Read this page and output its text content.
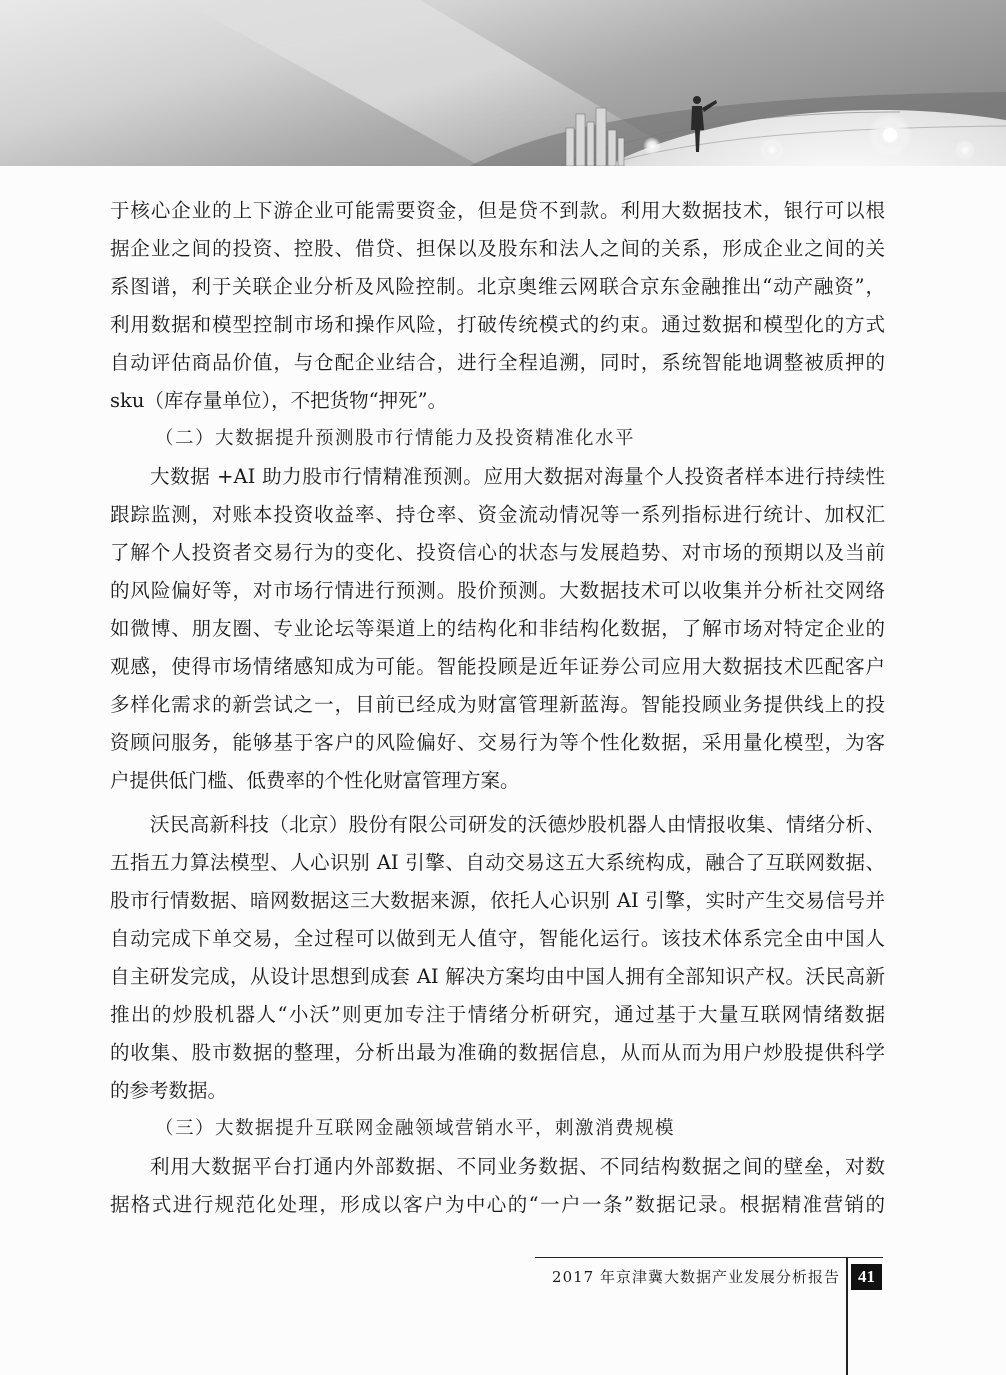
于核心企业的上下游企业可能需要资金，但是贷不到款。利用大数据技术，银行可以根
据企业之间的投资、控股、借贷、担保以及股东和法人之间的关系，形成企业之间的关
系图谱，利于关联企业分析及风险控制。北京奥维云网联合京东金融推出“动产融资”，
利用数据和模型控制市场和操作风险，打破传统模式的约束。通过数据和模型化的方式
自动评估商品价值，与仓配企业结合，进行全程追溯，同时，系统智能地调整被质押的
sku（库存量单位），不把货物“押死”。
（二）大数据提升预测股市行情能力及投资精准化水平
大数据 +AI 助力股市行情精准预测。应用大数据对海量个人投资者样本进行持续性
跟踪监测，对账本投资收益率、持仓率、资金流动情况等一系列指标进行统计、加权汇
了解个人投资者交易行为的变化、投资信心的状态与发展趋势、对市场的预期以及当前
的风险偏好等，对市场行情进行预测。股价预测。大数据技术可以收集并分析社交网络
如微博、朋友圈、专业论坛等渠道上的结构化和非结构化数据，了解市场对特定企业的
观感，使得市场情绪感知成为可能。智能投顾是近年证券公司应用大数据技术匹配客户
多样化需求的新尝试之一，目前已经成为财富管理新蓝海。智能投顾业务提供线上的投
资顾问服务，能够基于客户的风险偏好、交易行为等个性化数据，采用量化模型，为客
户提供低门槛、低费率的个性化财富管理方案。
沃民高新科技（北京）股份有限公司研发的沃德炒股机器人由情报收集、情绪分析、
五指五力算法模型、人心识别 AI 引擎、自动交易这五大系统构成，融合了互联网数据、
股市行情数据、暗网数据这三大数据来源，依托人心识别 AI 引擎，实时产生交易信号并
自动完成下单交易，全过程可以做到无人值守，智能化运行。该技术体系完全由中国人
自主研发完成，从设计思想到成套 AI 解决方案均由中国人拥有全部知识产权。沃民高新
推出的炒股机器人“小沃”则更加专注于情绪分析研究，通过基于大量互联网情绪数据
的收集、股市数据的整理，分析出最为准确的数据信息，从而从而为用户炒股提供科学
的参考数据。
（三）大数据提升互联网金融领域营销水平，刺激消费规模
利用大数据平台打通内外部数据、不同业务数据、不同结构数据之间的壁垒，对数
据格式进行规范化处理，形成以客户为中心的“一户一条”数据记录。根据精准营销的
2017 年京津冀大数据产业发展分析报告	41
